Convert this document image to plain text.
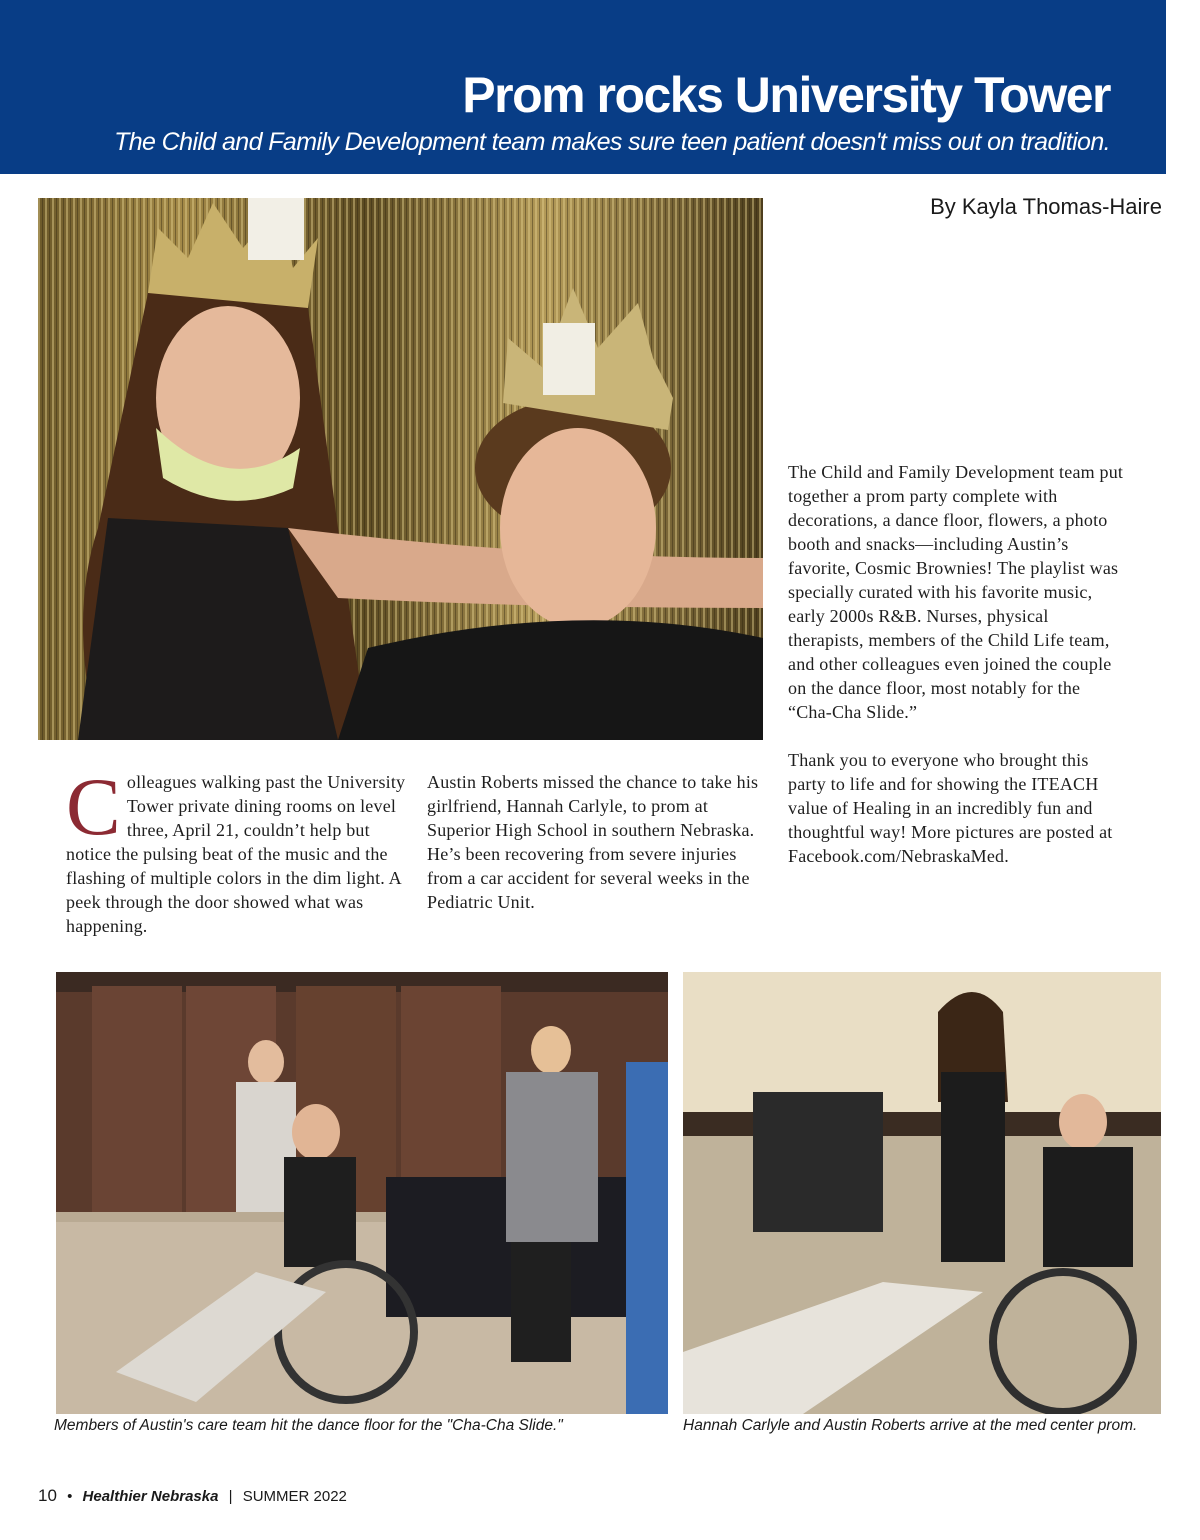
Prom rocks University Tower

The Child and Family Development team makes sure teen patient doesn't miss out on tradition.

By Kayla Thomas-Haire
Colleagues walking past the University Tower private dining rooms on level three, April 21, couldn’t help but notice the pulsing beat of the music and the flashing of multiple colors in the dim light. A peek through the door showed what was happening.
Austin Roberts missed the chance to take his girlfriend, Hannah Carlyle, to prom at Superior High School in southern Nebraska. He’s been recovering from severe injuries from a car accident for several weeks in the Pediatric Unit.

The Child and Family Development team put together a prom party complete with decorations, a dance floor, flowers, a photo booth and snacks—including Austin’s favorite, Cosmic Brownies! The playlist was specially curated with his favorite music, early 2000s R&B. Nurses, physical therapists, members of the Child Life team, and other colleagues even joined the couple on the dance floor, most notably for the “Cha-Cha Slide.”

Thank you to everyone who brought this party to life and for showing the ITEACH value of Healing in an incredibly fun and thoughtful way! More pictures are posted at Facebook.com/NebraskaMed.

Members of Austin's care team hit the dance floor for the "Cha-Cha Slide."	Hannah Carlyle and Austin Roberts arrive at the med center prom.
10 • Healthier Nebraska | SUMMER 2022
